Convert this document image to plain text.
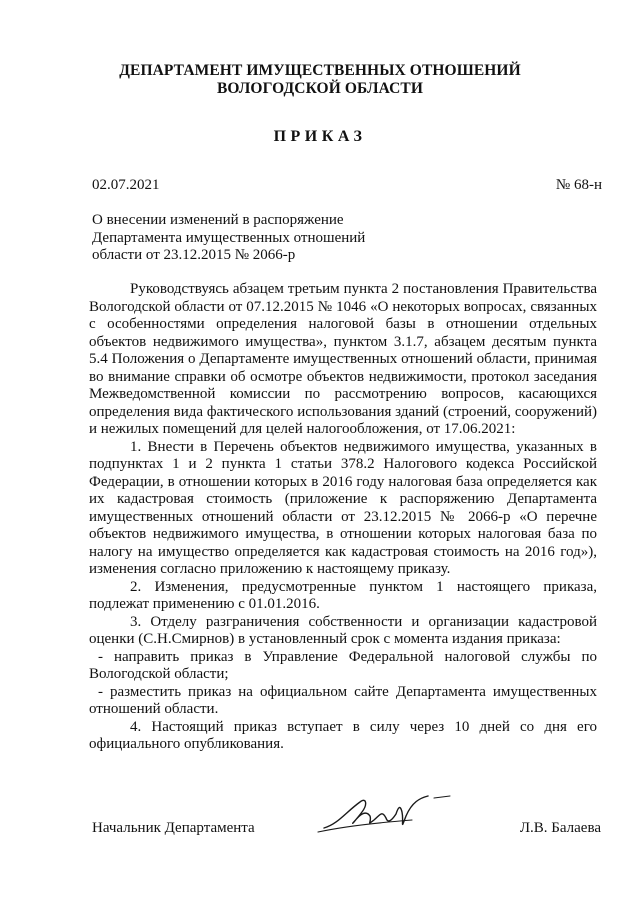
ДЕПАРТАМЕНТ ИМУЩЕСТВЕННЫХ ОТНОШЕНИЙ
ВОЛОГОДСКОЙ ОБЛАСТИ
ПРИКАЗ
02.07.2021	№ 68-н
О внесении изменений в распоряжение
Департамента имущественных отношений
области от 23.12.2015 № 2066-р

Руководствуясь абзацем третьим пункта 2 постановления Правительства Вологодской области от 07.12.2015 № 1046 «О некоторых вопросах, связанных с особенностями определения налоговой базы в отношении отдельных объектов недвижимого имущества», пунктом 3.1.7, абзацем десятым пункта 5.4 Положения о Департаменте имущественных отношений области, принимая во внимание справки об осмотре объектов недвижимости, протокол заседания Межведомственной комиссии по рассмотрению вопросов, касающихся определения вида фактического использования зданий (строений, сооружений) и нежилых помещений для целей налогообложения, от 17.06.2021:

1. Внести в Перечень объектов недвижимого имущества, указанных в подпунктах 1 и 2 пункта 1 статьи 378.2 Налогового кодекса Российской Федерации, в отношении которых в 2016 году налоговая база определяется как их кадастровая стоимость (приложение к распоряжению Департамента имущественных отношений области от 23.12.2015 № 2066-р «О перечне объектов недвижимого имущества, в отношении которых налоговая база по налогу на имущество определяется как кадастровая стоимость на 2016 год»), изменения согласно приложению к настоящему приказу.

2. Изменения, предусмотренные пунктом 1 настоящего приказа, подлежат применению с 01.01.2016.

3. Отделу разграничения собственности и организации кадастровой оценки (С.Н.Смирнов) в установленный срок с момента издания приказа:

- направить приказ в Управление Федеральной налоговой службы по Вологодской области;

- разместить приказ на официальном сайте Департамента имущественных отношений области.

4. Настоящий приказ вступает в силу через 10 дней со дня его официального опубликования.

Начальник Департамента	Л.В. Балаева
